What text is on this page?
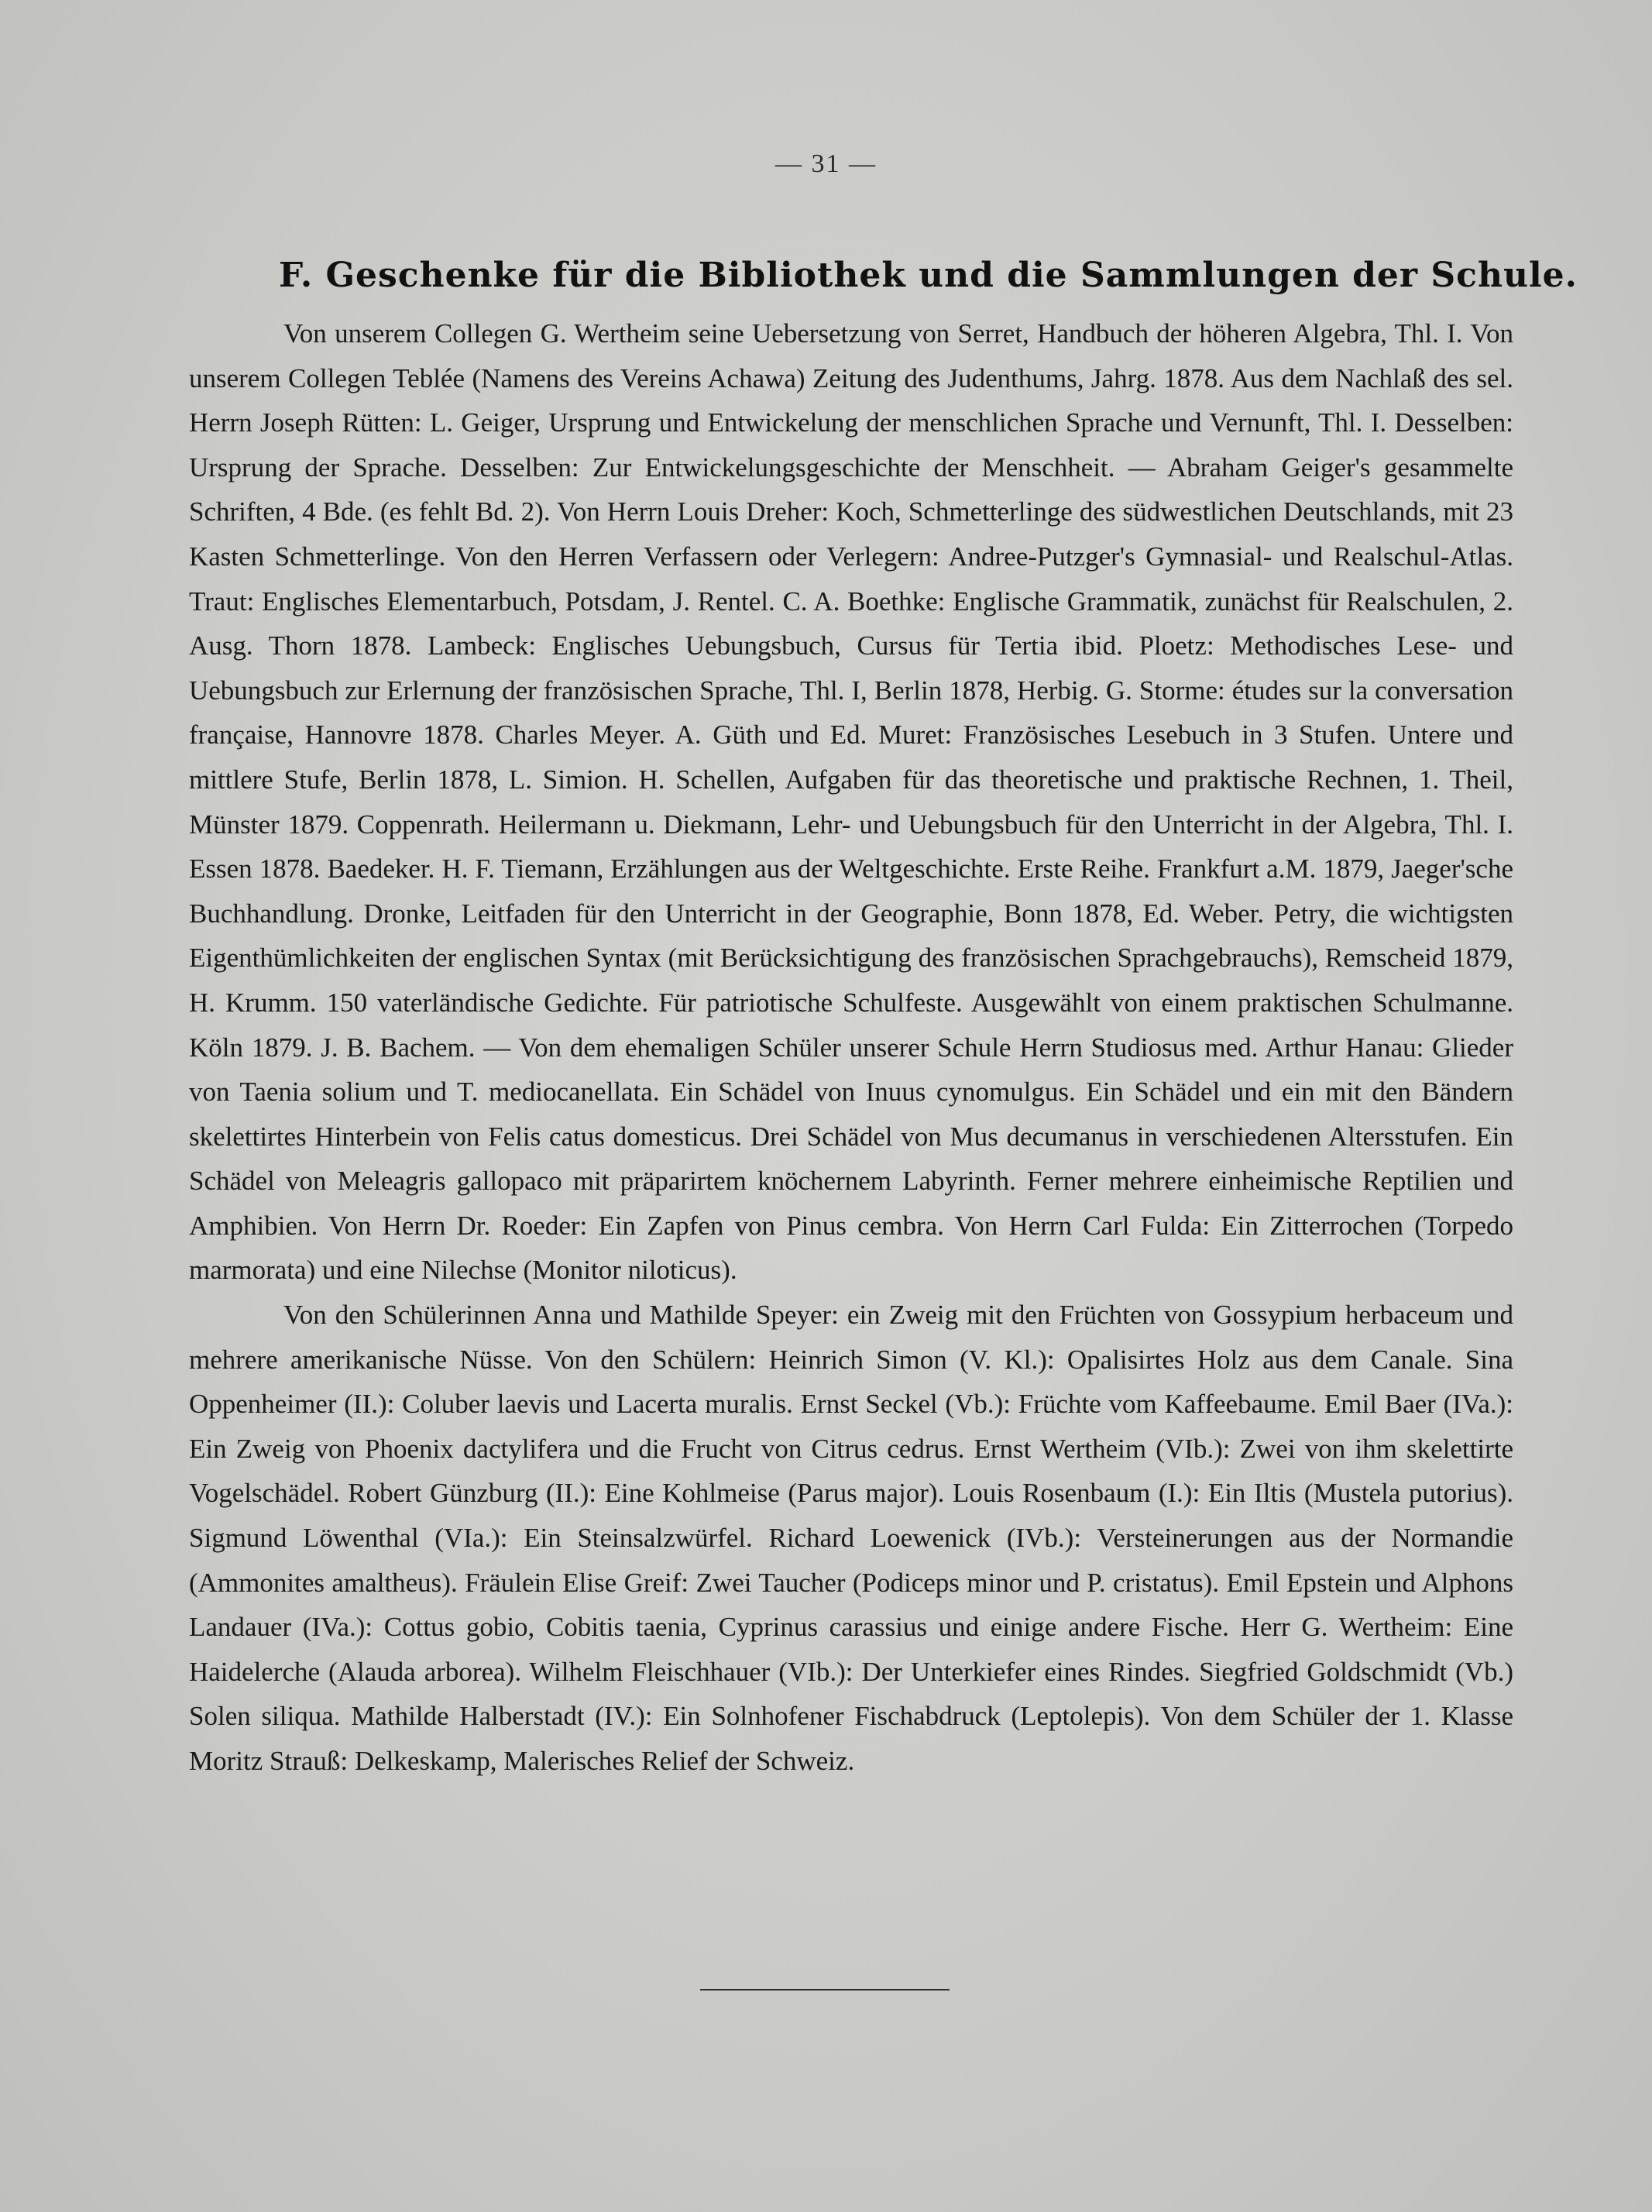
— 31 —
F. Geschenke für die Bibliothek und die Sammlungen der Schule.

Von unserem Collegen G. Wertheim seine Uebersetzung von Serret, Handbuch der höheren Algebra, Thl. I. Von unserem Collegen Teblée (Namens des Vereins Achawa) Zeitung des Judenthums, Jahrg. 1878. Aus dem Nachlaß des sel. Herrn Joseph Rütten: L. Geiger, Ursprung und Entwickelung der menschlichen Sprache und Vernunft, Thl. I. Desselben: Ursprung der Sprache. Desselben: Zur Entwickelungsgeschichte der Menschheit. — Abraham Geiger's gesammelte Schriften, 4 Bde. (es fehlt Bd. 2). Von Herrn Louis Dreher: Koch, Schmetterlinge des südwestlichen Deutschlands, mit 23 Kasten Schmetterlinge. Von den Herren Verfassern oder Verlegern: Andree-Putzger's Gymnasial- und Realschul-Atlas. Traut: Englisches Elementarbuch, Potsdam, J. Rentel. C. A. Boethke: Englische Grammatik, zunächst für Realschulen, 2. Ausg. Thorn 1878. Lambeck: Englisches Uebungsbuch, Cursus für Tertia ibid. Ploetz: Methodisches Lese- und Uebungsbuch zur Erlernung der französischen Sprache, Thl. I, Berlin 1878, Herbig. G. Storme: études sur la conversation française, Hannovre 1878. Charles Meyer. A. Güth und Ed. Muret: Französisches Lesebuch in 3 Stufen. Untere und mittlere Stufe, Berlin 1878, L. Simion. H. Schellen, Aufgaben für das theoretische und praktische Rechnen, 1. Theil, Münster 1879. Coppenrath. Heilermann u. Diekmann, Lehr- und Uebungsbuch für den Unterricht in der Algebra, Thl. I. Essen 1878. Baedeker. H. F. Tiemann, Erzählungen aus der Weltgeschichte. Erste Reihe. Frankfurt a.M. 1879, Jaeger'sche Buchhandlung. Dronke, Leitfaden für den Unterricht in der Geographie, Bonn 1878, Ed. Weber. Petry, die wichtigsten Eigenthümlichkeiten der englischen Syntax (mit Berücksichtigung des französischen Sprachgebrauchs), Remscheid 1879, H. Krumm. 150 vaterländische Gedichte. Für patriotische Schulfeste. Ausgewählt von einem praktischen Schulmanne. Köln 1879. J. B. Bachem. — Von dem ehemaligen Schüler unserer Schule Herrn Studiosus med. Arthur Hanau: Glieder von Taenia solium und T. mediocanellata. Ein Schädel von Inuus cynomulgus. Ein Schädel und ein mit den Bändern skelettirtes Hinterbein von Felis catus domesticus. Drei Schädel von Mus decumanus in verschiedenen Altersstufen. Ein Schädel von Meleagris gallopaco mit präparirtem knöchernem Labyrinth. Ferner mehrere einheimische Reptilien und Amphibien. Von Herrn Dr. Roeder: Ein Zapfen von Pinus cembra. Von Herrn Carl Fulda: Ein Zitterrochen (Torpedo marmorata) und eine Nilechse (Monitor niloticus).

Von den Schülerinnen Anna und Mathilde Speyer: ein Zweig mit den Früchten von Gossypium herbaceum und mehrere amerikanische Nüsse. Von den Schülern: Heinrich Simon (V. Kl.): Opalisirtes Holz aus dem Canale. Sina Oppenheimer (II.): Coluber laevis und Lacerta muralis. Ernst Seckel (Vb.): Früchte vom Kaffeebaume. Emil Baer (IVa.): Ein Zweig von Phoenix dactylifera und die Frucht von Citrus cedrus. Ernst Wertheim (VIb.): Zwei von ihm skelettirte Vogelschädel. Robert Günzburg (II.): Eine Kohlmeise (Parus major). Louis Rosenbaum (I.): Ein Iltis (Mustela putorius). Sigmund Löwenthal (VIa.): Ein Steinsalzwürfel. Richard Loewenick (IVb.): Versteinerungen aus der Normandie (Ammonites amaltheus). Fräulein Elise Greif: Zwei Taucher (Podiceps minor und P. cristatus). Emil Epstein und Alphons Landauer (IVa.): Cottus gobio, Cobitis taenia, Cyprinus carassius und einige andere Fische. Herr G. Wertheim: Eine Haidelerche (Alauda arborea). Wilhelm Fleischhauer (VIb.): Der Unterkiefer eines Rindes. Siegfried Goldschmidt (Vb.) Solen siliqua. Mathilde Halberstadt (IV.): Ein Solnhofener Fischabdruck (Leptolepis). Von dem Schüler der 1. Klasse Moritz Strauß: Delkeskamp, Malerisches Relief der Schweiz.
